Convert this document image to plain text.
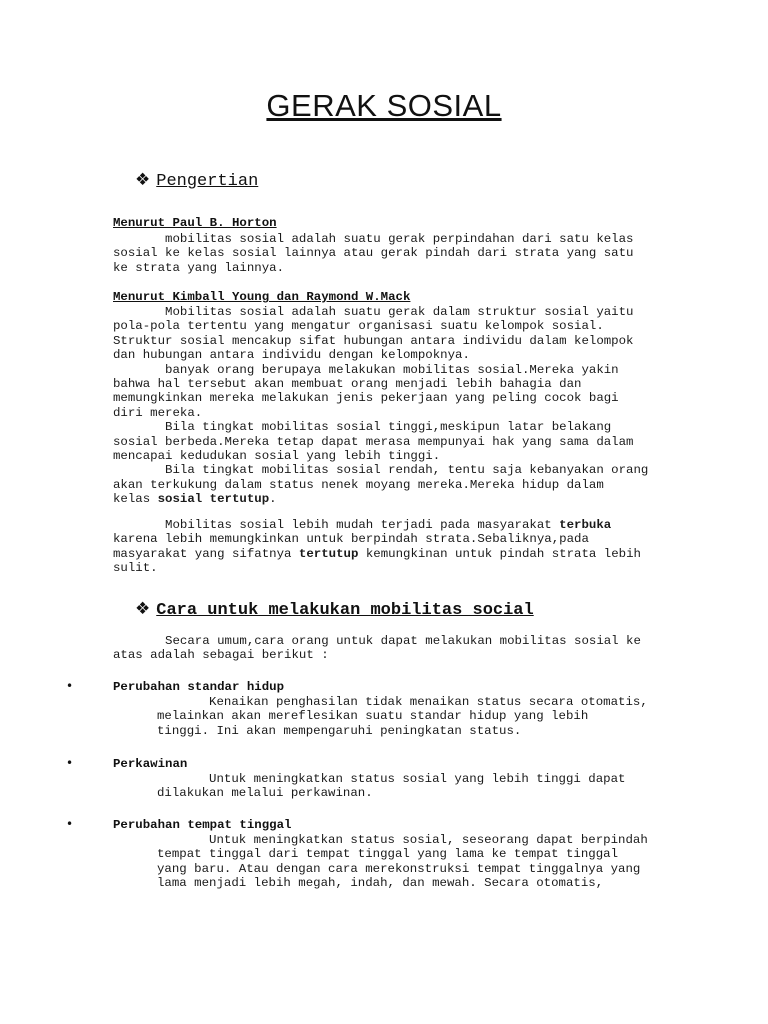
GERAK SOSIAL
❖ Pengertian

Menurut Paul B. Horton

mobilitas sosial adalah suatu gerak perpindahan dari satu kelas
sosial ke kelas sosial lainnya atau gerak pindah dari strata yang satu
ke strata yang lainnya.

Menurut Kimball Young dan Raymond W.Mack

Mobilitas sosial adalah suatu gerak dalam struktur sosial yaitu
pola-pola tertentu yang mengatur organisasi suatu kelompok sosial.
Struktur sosial mencakup sifat hubungan antara individu dalam kelompok
dan hubungan antara individu dengan kelompoknya.
banyak orang berupaya melakukan mobilitas sosial.Mereka yakin
bahwa hal tersebut akan membuat orang menjadi lebih bahagia dan
memungkinkan mereka melakukan jenis pekerjaan yang peling cocok bagi
diri mereka.
Bila tingkat mobilitas sosial tinggi,meskipun latar belakang
sosial berbeda.Mereka tetap dapat merasa mempunyai hak yang sama dalam
mencapai kedudukan sosial yang lebih tinggi.
Bila tingkat mobilitas sosial rendah, tentu saja kebanyakan orang
akan terkukung dalam status nenek moyang mereka.Mereka hidup dalam
kelas sosial tertutup.

Mobilitas sosial lebih mudah terjadi pada masyarakat terbuka
karena lebih memungkinkan untuk berpindah strata.Sebaliknya,pada
masyarakat yang sifatnya tertutup kemungkinan untuk pindah strata lebih
sulit.

❖ Cara untuk melakukan mobilitas social

Secara umum,cara orang untuk dapat melakukan mobilitas sosial ke
atas adalah sebagai berikut :

•	Perubahan standar hidup

Kenaikan penghasilan tidak menaikan status secara otomatis,
melainkan akan mereflesikan suatu standar hidup yang lebih
tinggi. Ini akan mempengaruhi peningkatan status.

•	Perkawinan

Untuk meningkatkan status sosial yang lebih tinggi dapat
dilakukan melalui perkawinan.

•	Perubahan tempat tinggal

Untuk meningkatkan status sosial, seseorang dapat berpindah
tempat tinggal dari tempat tinggal yang lama ke tempat tinggal
yang baru. Atau dengan cara merekonstruksi tempat tinggalnya yang
lama menjadi lebih megah, indah, dan mewah. Secara otomatis,
